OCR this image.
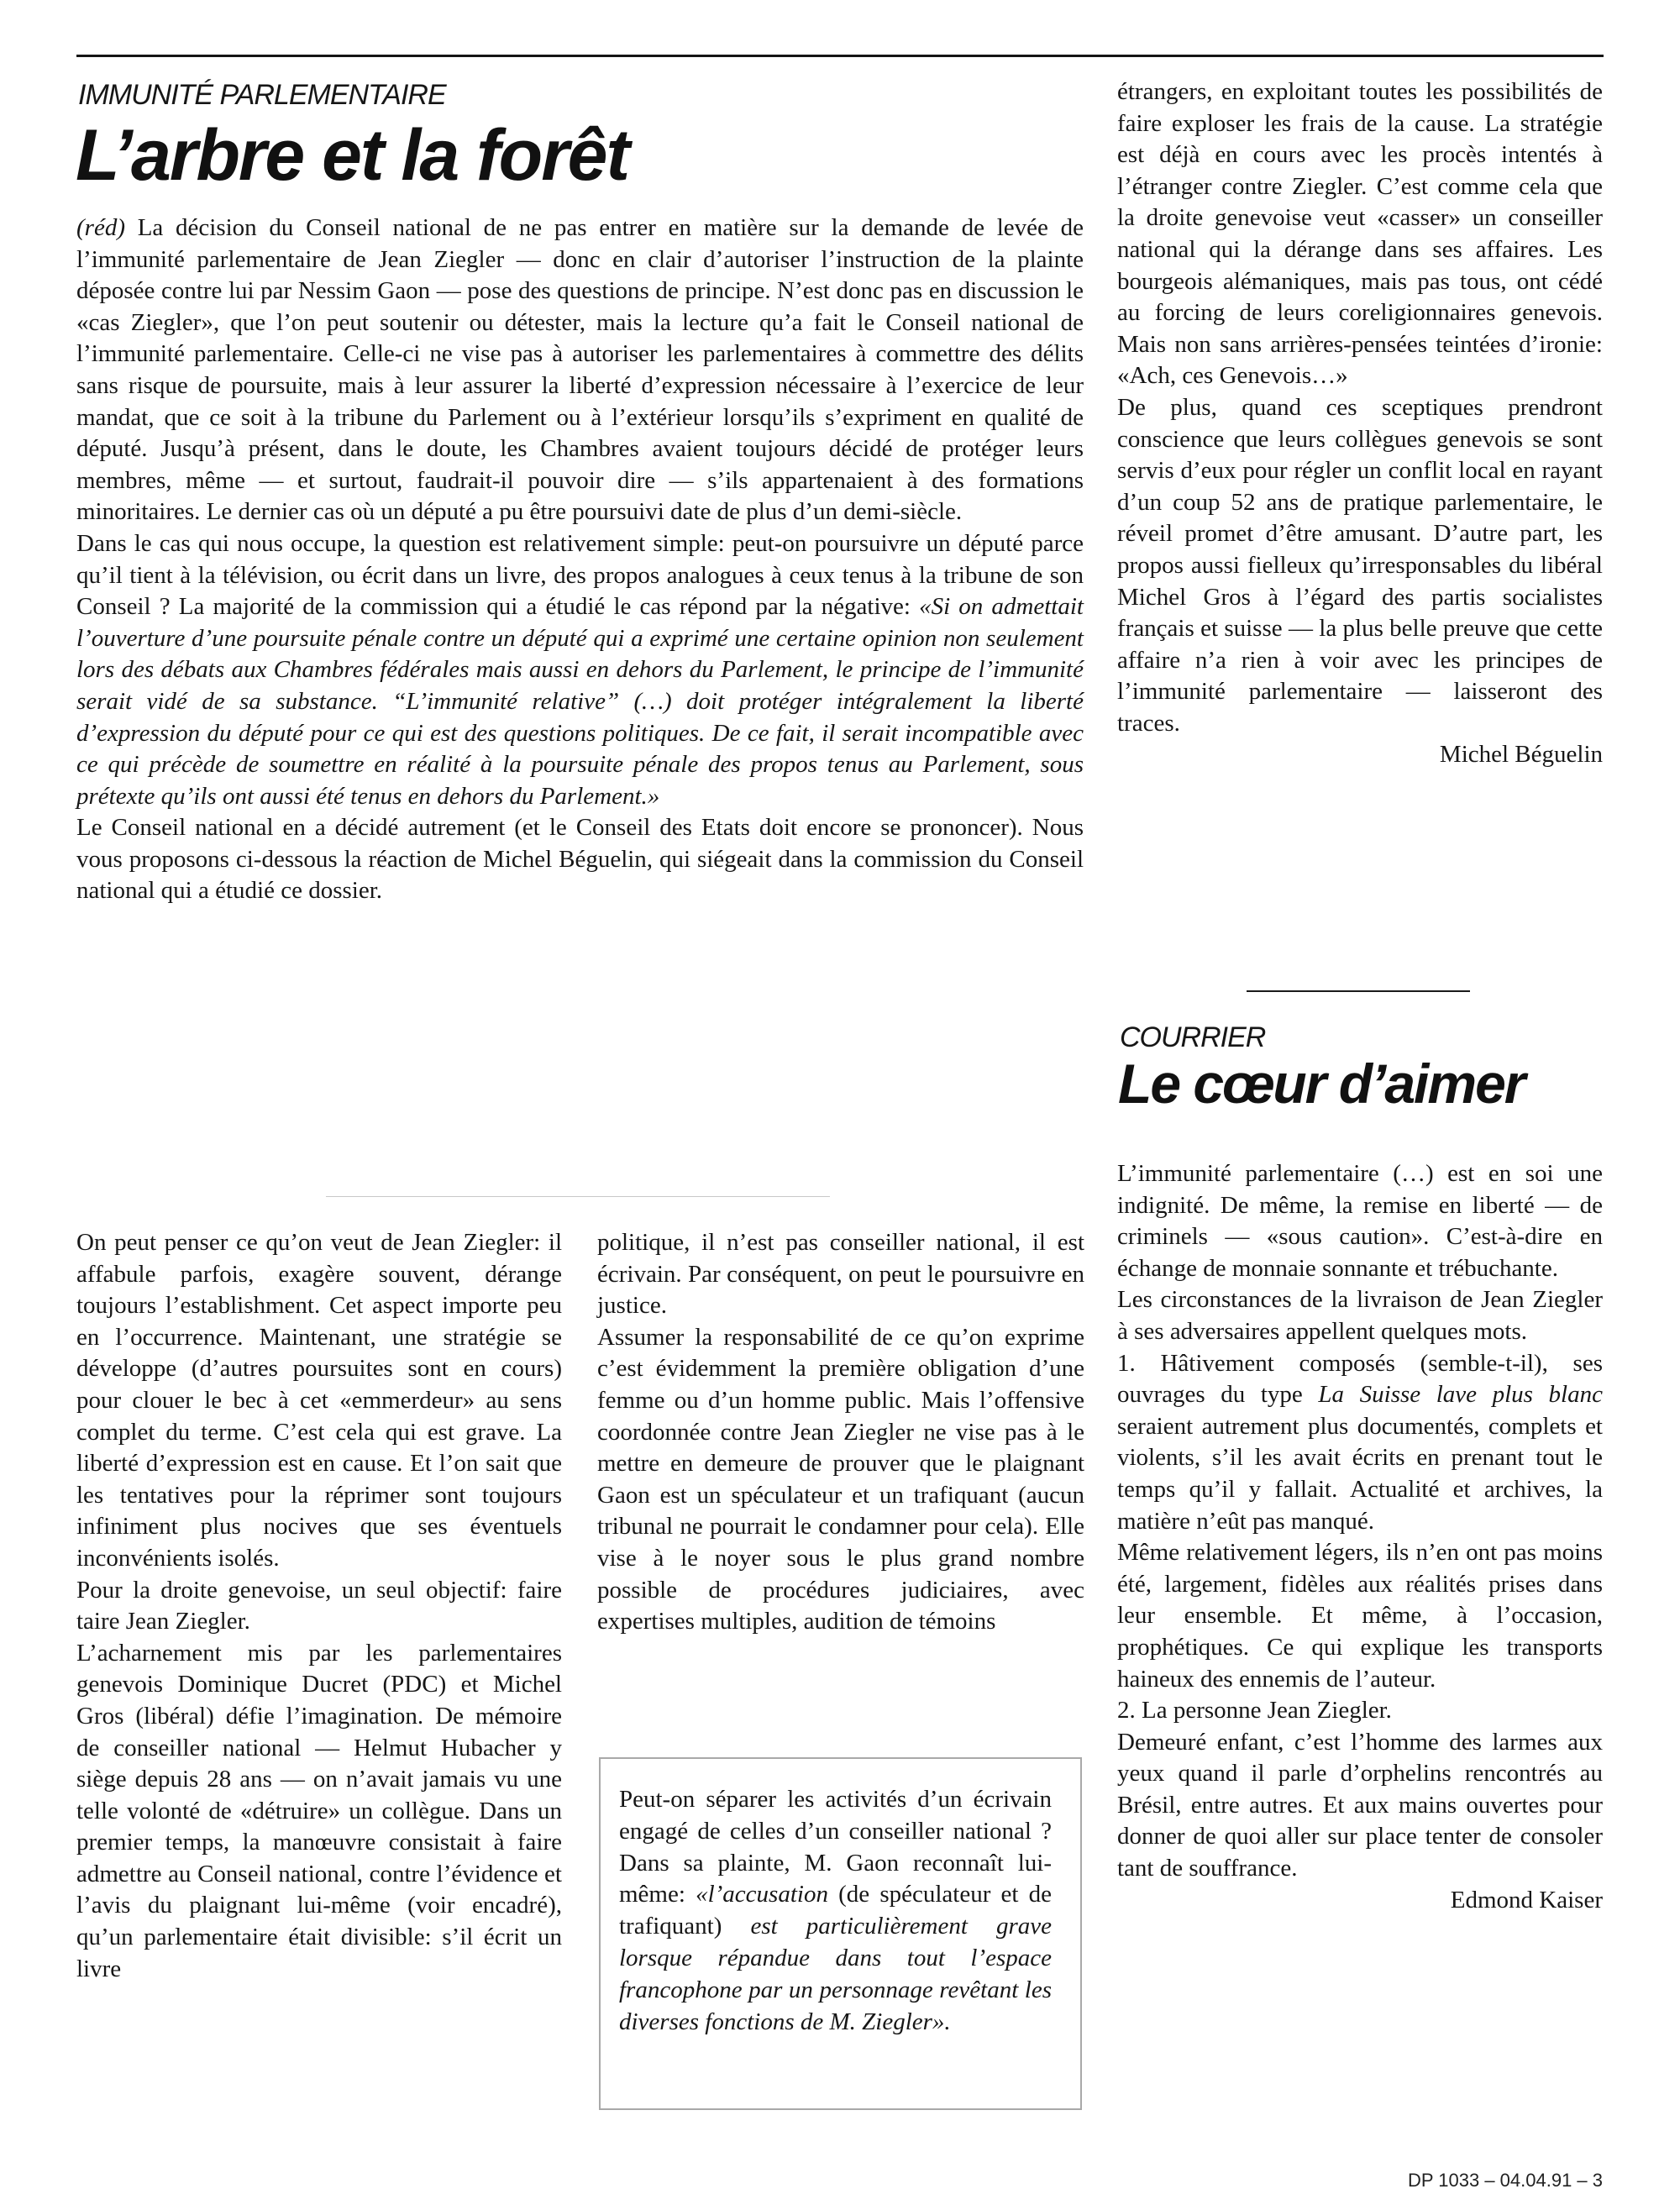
IMMUNITÉ PARLEMENTAIRE
L’arbre et la forêt

(réd) La décision du Conseil national de ne pas entrer en matière sur la demande de levée de l’immunité parlementaire de Jean Ziegler — donc en clair d’autoriser l’instruction de la plainte déposée contre lui par Nessim Gaon — pose des questions de principe. N’est donc pas en discussion le «cas Ziegler», que l’on peut soutenir ou détester, mais la lecture qu’a fait le Conseil national de l’immunité parlementaire. Celle-ci ne vise pas à autoriser les parlementaires à commettre des délits sans risque de poursuite, mais à leur assurer la liberté d’expression nécessaire à l’exercice de leur mandat, que ce soit à la tribune du Parlement ou à l’extérieur lorsqu’ils s’expriment en qualité de député. Jusqu’à présent, dans le doute, les Chambres avaient toujours décidé de protéger leurs membres, même — et surtout, faudrait-il pouvoir dire — s’ils appartenaient à des formations minoritaires. Le dernier cas où un député a pu être poursuivi date de plus d’un demi-siècle.

Dans le cas qui nous occupe, la question est relativement simple: peut-on poursuivre un député parce qu’il tient à la télévision, ou écrit dans un livre, des propos analogues à ceux tenus à la tribune de son Conseil ? La majorité de la commission qui a étudié le cas répond par la négative: «Si on admettait l’ouverture d’une poursuite pénale contre un député qui a exprimé une certaine opinion non seulement lors des débats aux Chambres fédérales mais aussi en dehors du Parlement, le principe de l’immunité serait vidé de sa substance. “L’immunité relative” (…) doit protéger intégralement la liberté d’expression du député pour ce qui est des questions politiques. De ce fait, il serait incompatible avec ce qui précède de soumettre en réalité à la poursuite pénale des propos tenus au Parlement, sous prétexte qu’ils ont aussi été tenus en dehors du Parlement.»

Le Conseil national en a décidé autrement (et le Conseil des Etats doit encore se prononcer). Nous vous proposons ci-dessous la réaction de Michel Béguelin, qui siégeait dans la commission du Conseil national qui a étudié ce dossier.

étrangers, en exploitant toutes les possibilités de faire exploser les frais de la cause. La stratégie est déjà en cours avec les procès intentés à l’étranger contre Ziegler. C’est comme cela que la droite genevoise veut «casser» un conseiller national qui la dérange dans ses affaires. Les bourgeois alémaniques, mais pas tous, ont cédé au forcing de leurs coreligionnaires genevois. Mais non sans arrières-pensées teintées d’ironie: «Ach, ces Genevois…»

De plus, quand ces sceptiques prendront conscience que leurs collègues genevois se sont servis d’eux pour régler un conflit local en rayant d’un coup 52 ans de pratique parlementaire, le réveil promet d’être amusant. D’autre part, les propos aussi fielleux qu’irresponsables du libéral Michel Gros à l’égard des partis socialistes français et suisse — la plus belle preuve que cette affaire n’a rien à voir avec les principes de l’immunité parlementaire — laisseront des traces.

Michel Béguelin

On peut penser ce qu’on veut de Jean Ziegler: il affabule parfois, exagère souvent, dérange toujours l’establishment. Cet aspect importe peu en l’occurrence. Maintenant, une stratégie se développe (d’autres poursuites sont en cours) pour clouer le bec à cet «emmerdeur» au sens complet du terme. C’est cela qui est grave. La liberté d’expression est en cause. Et l’on sait que les tentatives pour la réprimer sont toujours infiniment plus nocives que ses éventuels inconvénients isolés.

Pour la droite genevoise, un seul objectif: faire taire Jean Ziegler.

L’acharnement mis par les parlementaires genevois Dominique Ducret (PDC) et Michel Gros (libéral) défie l’imagination. De mémoire de conseiller national — Helmut Hubacher y siège depuis 28 ans — on n’avait jamais vu une telle volonté de «détruire» un collègue. Dans un premier temps, la manœuvre consistait à faire admettre au Conseil national, contre l’évidence et l’avis du plaignant lui-même (voir encadré), qu’un parlementaire était divisible: s’il écrit un livre

politique, il n’est pas conseiller national, il est écrivain. Par conséquent, on peut le poursuivre en justice.

Assumer la responsabilité de ce qu’on exprime c’est évidemment la première obligation d’une femme ou d’un homme public. Mais l’offensive coordonnée contre Jean Ziegler ne vise pas à le mettre en demeure de prouver que le plaignant Gaon est un spéculateur et un trafiquant (aucun tribunal ne pourrait le condamner pour cela). Elle vise à le noyer sous le plus grand nombre possible de procédures judiciaires, avec expertises multiples, audition de témoins

Peut-on séparer les activités d’un écrivain engagé de celles d’un conseiller national ? Dans sa plainte, M. Gaon reconnaît lui-même: «l’accusation (de spéculateur et de trafiquant) est particulièrement grave lorsque répandue dans tout l’espace francophone par un personnage revêtant les diverses fonctions de M. Ziegler».

COURRIER
Le cœur d’aimer

L’immunité parlementaire (…) est en soi une indignité. De même, la remise en liberté — de criminels — «sous caution». C’est-à-dire en échange de monnaie sonnante et trébuchante.

Les circonstances de la livraison de Jean Ziegler à ses adversaires appellent quelques mots.

1. Hâtivement composés (semble-t-il), ses ouvrages du type La Suisse lave plus blanc seraient autrement plus documentés, complets et violents, s’il les avait écrits en prenant tout le temps qu’il y fallait. Actualité et archives, la matière n’eût pas manqué.

Même relativement légers, ils n’en ont pas moins été, largement, fidèles aux réalités prises dans leur ensemble. Et même, à l’occasion, prophétiques. Ce qui explique les transports haineux des ennemis de l’auteur.

2. La personne Jean Ziegler.

Demeuré enfant, c’est l’homme des larmes aux yeux quand il parle d’orphelins rencontrés au Brésil, entre autres. Et aux mains ouvertes pour donner de quoi aller sur place tenter de consoler tant de souffrance.

Edmond Kaiser

DP 1033 – 04.04.91 – 3
